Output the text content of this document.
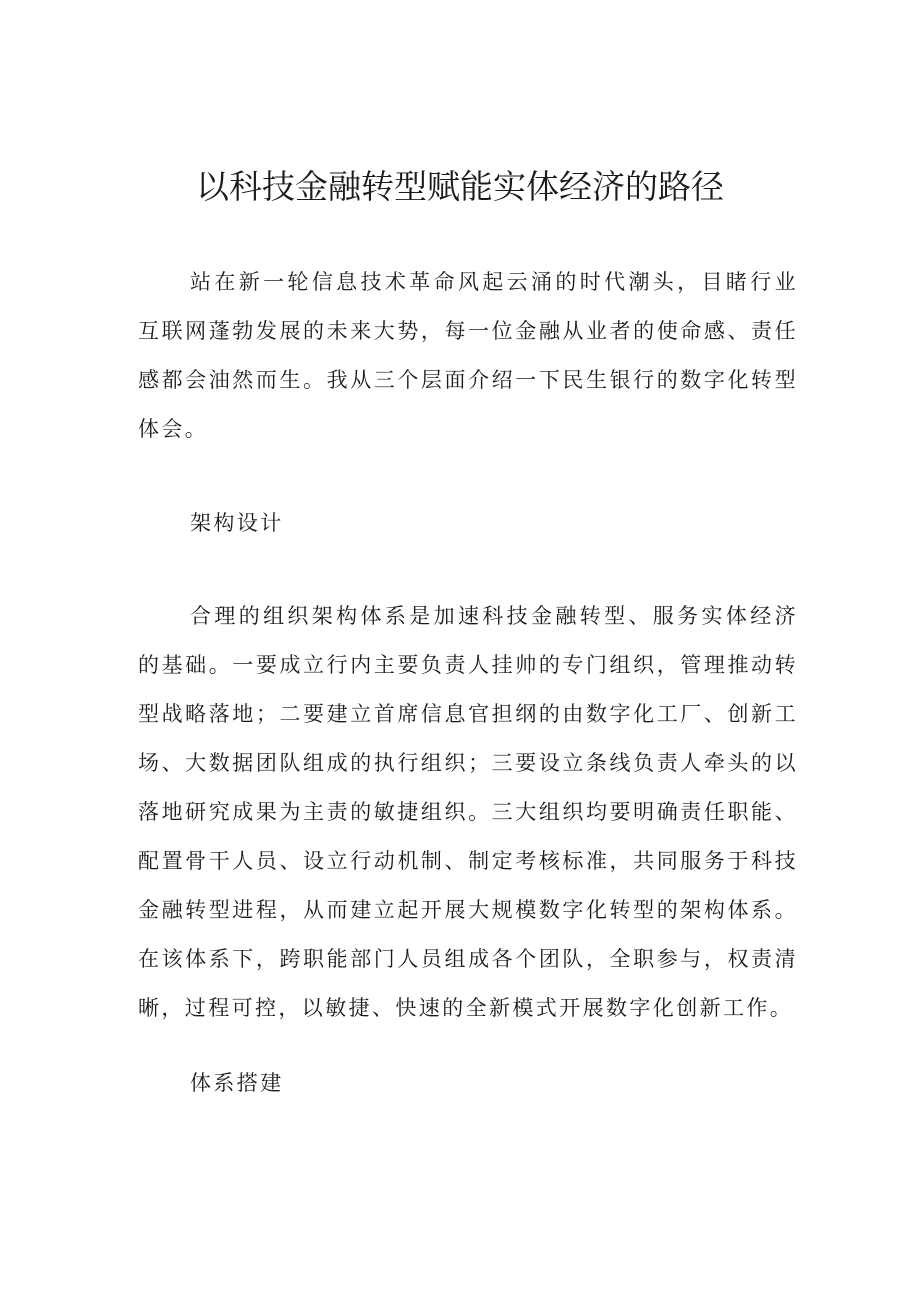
以科技金融转型赋能实体经济的路径

站在新一轮信息技术革命风起云涌的时代潮头，目睹行业互联网蓬勃发展的未来大势，每一位金融从业者的使命感、责任感都会油然而生。我从三个层面介绍一下民生银行的数字化转型体会。

架构设计

合理的组织架构体系是加速科技金融转型、服务实体经济的基础。一要成立行内主要负责人挂帅的专门组织，管理推动转型战略落地；二要建立首席信息官担纲的由数字化工厂、创新工场、大数据团队组成的执行组织；三要设立条线负责人牵头的以落地研究成果为主责的敏捷组织。三大组织均要明确责任职能、配置骨干人员、设立行动机制、制定考核标准，共同服务于科技金融转型进程，从而建立起开展大规模数字化转型的架构体系。在该体系下，跨职能部门人员组成各个团队，全职参与，权责清晰，过程可控，以敏捷、快速的全新模式开展数字化创新工作。

体系搭建
